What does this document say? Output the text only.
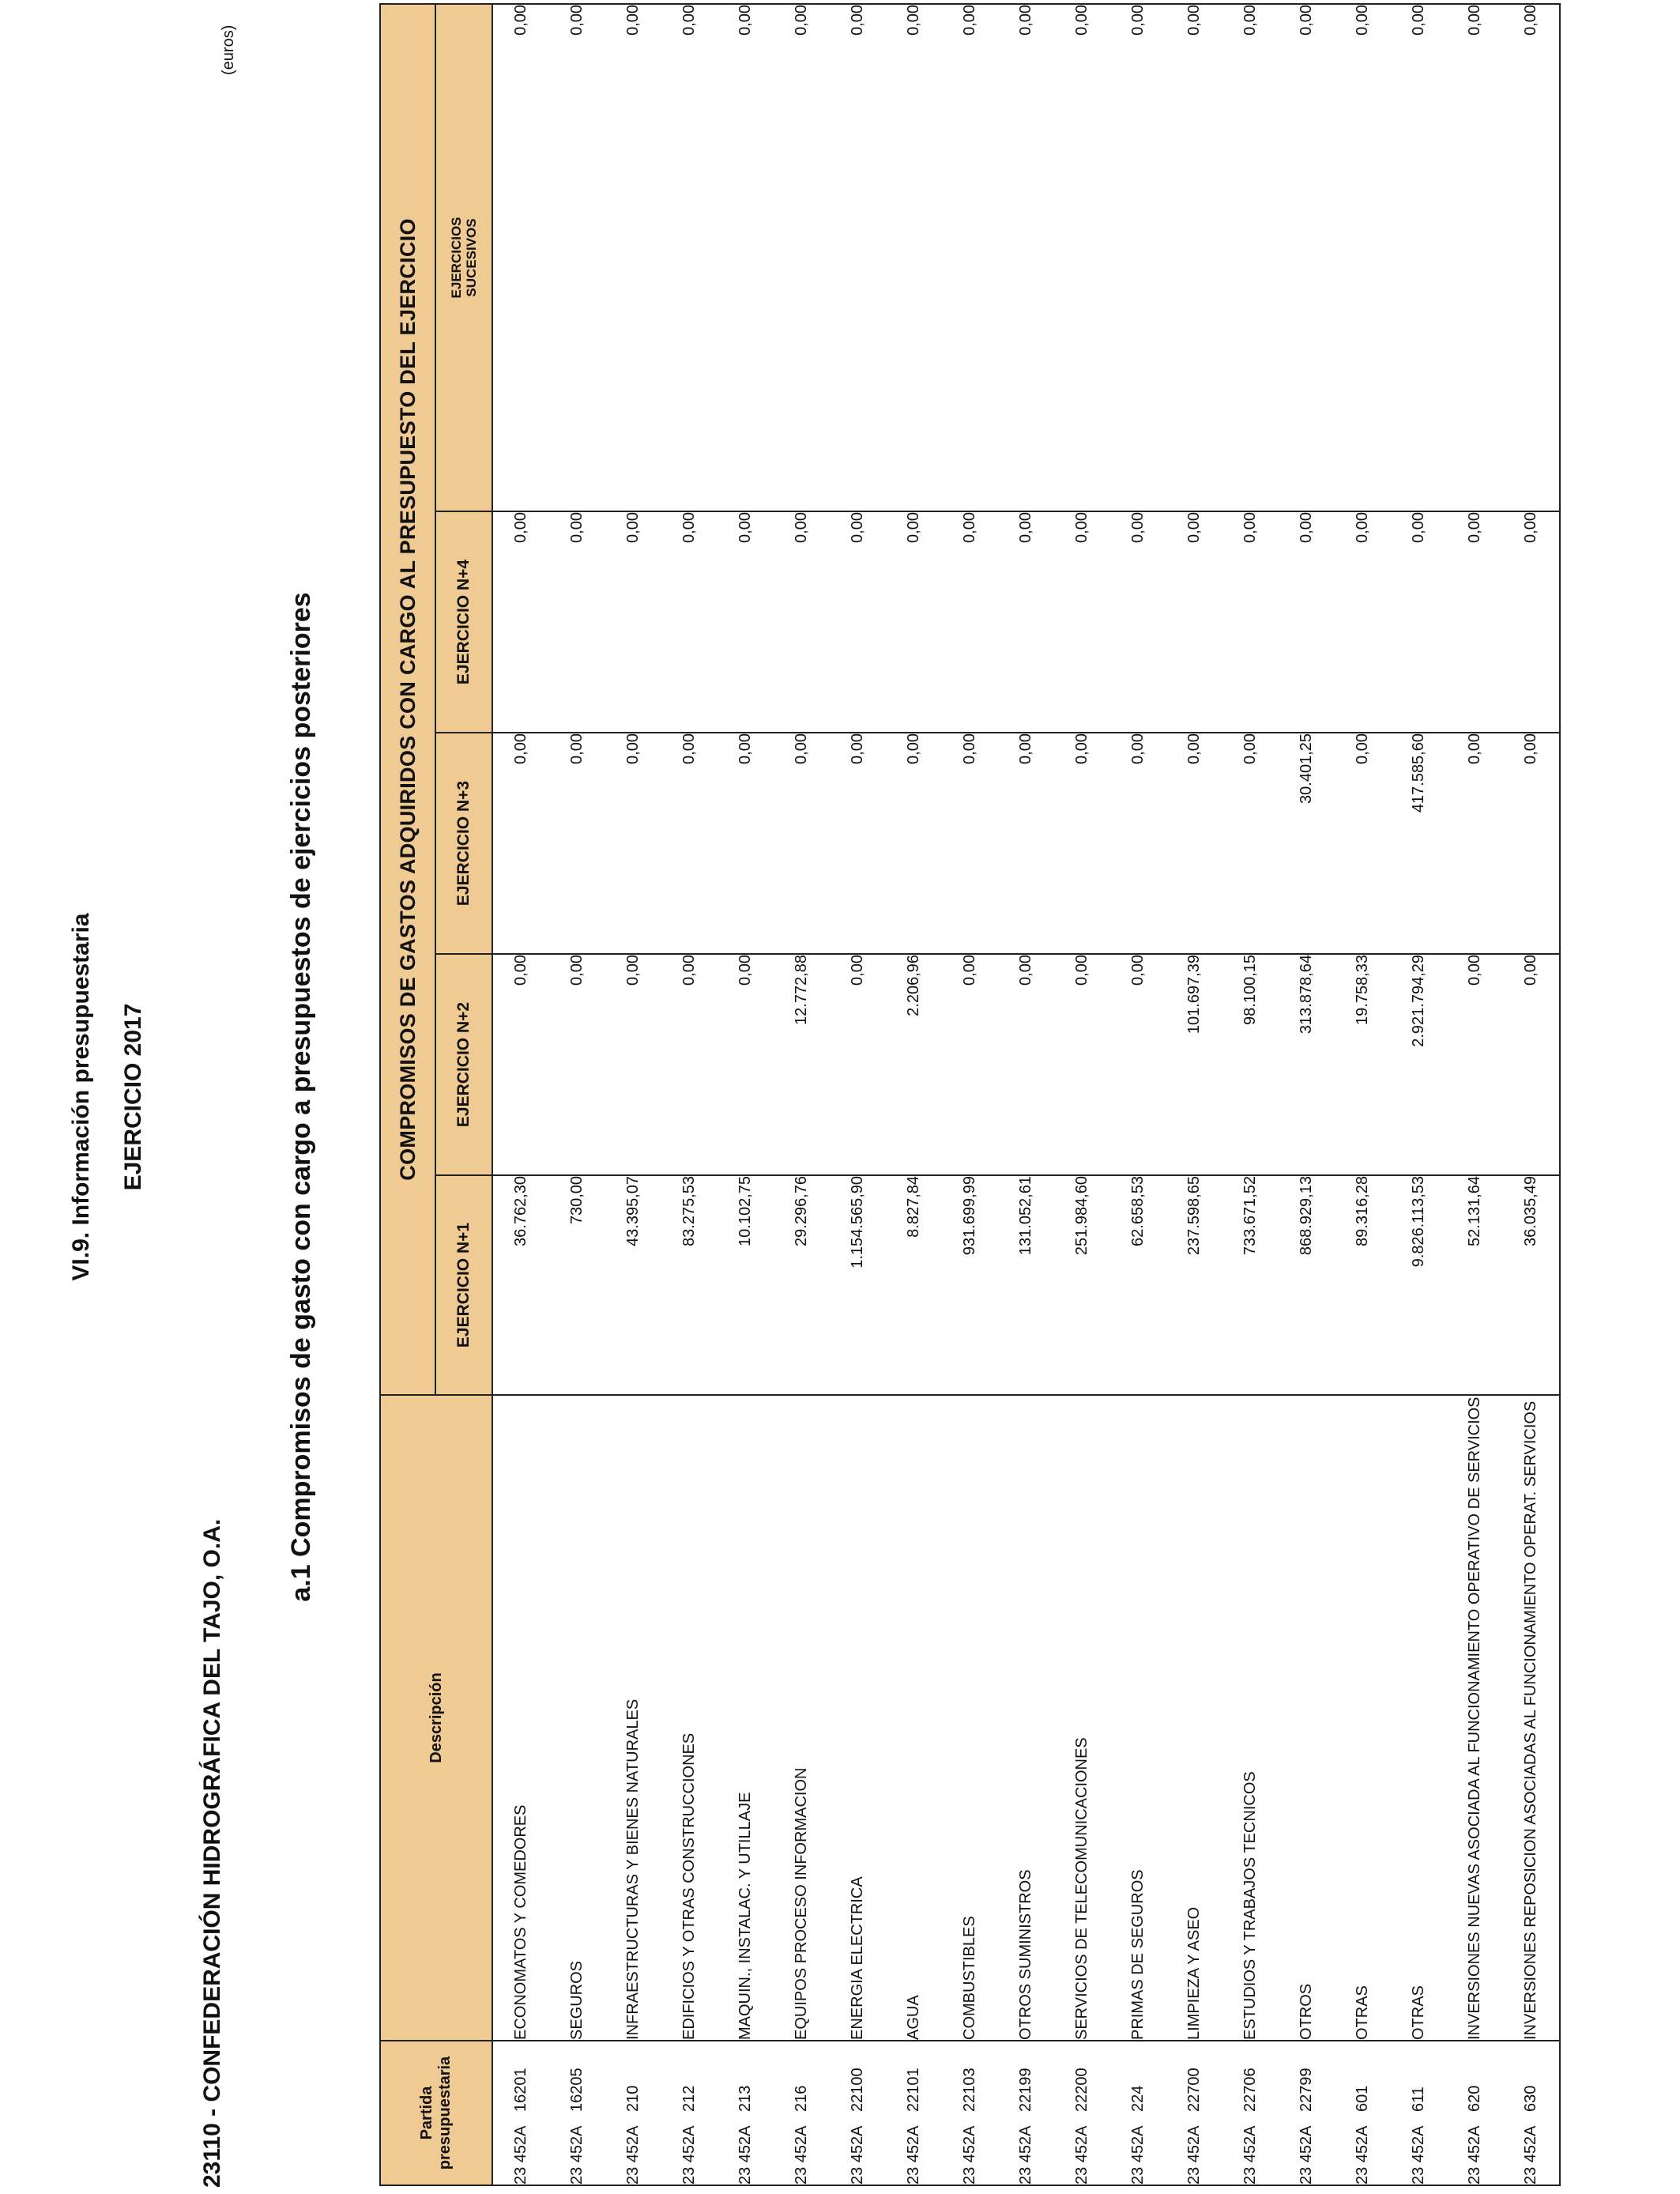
VI.9. Información presupuestaria EJERCICIO 2017
23110 - CONFEDERACIÓN HIDROGRÁFICA DEL TAJO, O.A.
a.1 Compromisos de gasto con cargo a presupuestos de ejercicios posteriores
(euros)
Partida presupuestaria	Descripción	COMPROMISOS DE GASTOS ADQUIRIDOS CON CARGO AL PRESUPUESTO DEL EJERCICIO				
		EJERCICIO N+1	EJERCICIO N+2	EJERCICIO N+3	EJERCICIO N+4	EJERCICIOS SUCESIVOS

23 452A16201	ECONOMATOS Y COMEDORES	36.762,30	0,00	0,00	0,00	0,00
23 452A16205	SEGUROS	730,00	0,00	0,00	0,00	0,00
23 452A210	INFRAESTRUCTURAS Y BIENES NATURALES	43.395,07	0,00	0,00	0,00	0,00
23 452A212	EDIFICIOS Y OTRAS CONSTRUCCIONES	83.275,53	0,00	0,00	0,00	0,00
23 452A213	MAQUIN., INSTALAC. Y UTILLAJE	10.102,75	0,00	0,00	0,00	0,00
23 452A216	EQUIPOS PROCESO INFORMACION	29.296,76	12.772,88	0,00	0,00	0,00
23 452A22100	ENERGIA ELECTRICA	1.154.565,90	0,00	0,00	0,00	0,00
23 452A22101	AGUA	8.827,84	2.206,96	0,00	0,00	0,00
23 452A22103	COMBUSTIBLES	931.699,99	0,00	0,00	0,00	0,00
23 452A22199	OTROS SUMINISTROS	131.052,61	0,00	0,00	0,00	0,00
23 452A22200	SERVICIOS DE TELECOMUNICACIONES	251.984,60	0,00	0,00	0,00	0,00
23 452A224	PRIMAS DE SEGUROS	62.658,53	0,00	0,00	0,00	0,00
23 452A22700	LIMPIEZA Y ASEO	237.598,65	101.697,39	0,00	0,00	0,00
23 452A22706	ESTUDIOS Y TRABAJOS TECNICOS	733.671,52	98.100,15	0,00	0,00	0,00
23 452A22799	OTROS	868.929,13	313.878,64	30.401,25	0,00	0,00
23 452A601	OTRAS	89.316,28	19.758,33	0,00	0,00	0,00
23 452A611	OTRAS	9.826.113,53	2.921.794,29	417.585,60	0,00	0,00
23 452A620	INVERSIONES NUEVAS ASOCIADA AL FUNCIONAMIENTO OPERATIVO DE SERVICIOS	52.131,64	0,00	0,00	0,00	0,00
23 452A630	INVERSIONES REPOSICION ASOCIADAS AL FUNCIONAMIENTO OPERAT. SERVICIOS	36.035,49	0,00	0,00	0,00	0,00
